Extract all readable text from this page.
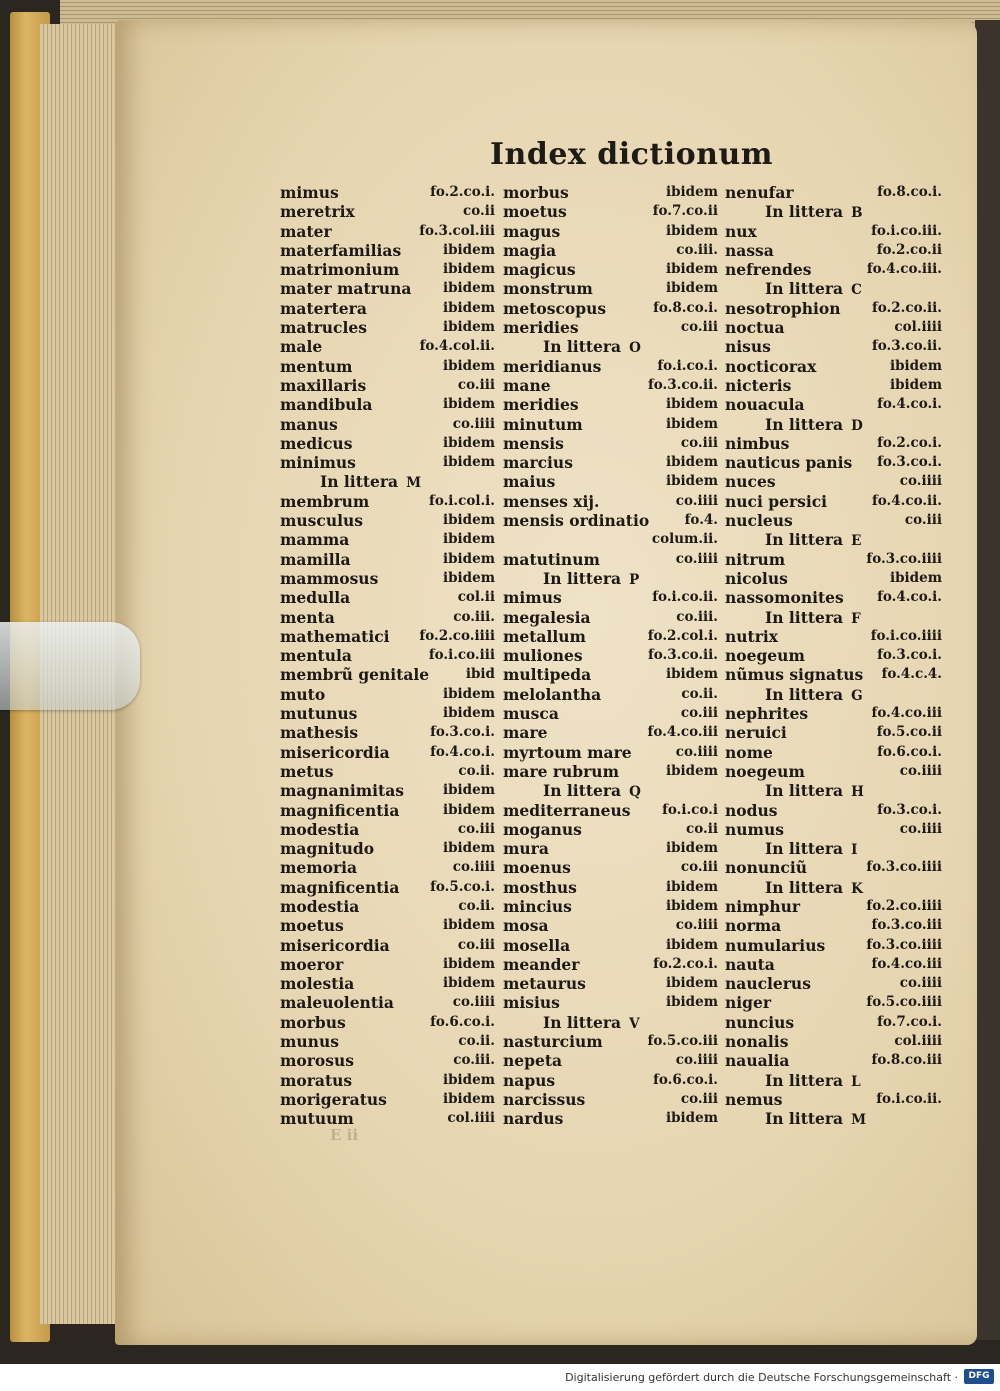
Index dictionum
mimus	fo.2.co.i.
meretrix	co.ii
mater	fo.3.col.iii
materfamilias	ibidem
matrimonium	ibidem
mater matruna ibidem
matertera	ibidem
matrucles	ibidem
male	fo.4.col.ii.
mentum	ibidem
maxillaris	co.iii
mandibula	ibidem
manus	co.iiii
medicus	ibidem
minimus	ibidem
In littera M
membrum	fo.i.col.i.
musculus	ibidem
mamma	ibidem
mamilla	ibidem
mammosus	ibidem
medulla	col.ii
menta	co.iii.
mathematici fo.2.co.iiii
mentula	fo.i.co.iii
membrũ genitale	ibid
muto	ibidem
mutunus	ibidem
mathesis	fo.3.co.i.
misericordia	fo.4.co.i.
metus	co.ii.
magnanimitas	ibidem
magnificentia	ibidem
modestia	co.iii
magnitudo	ibidem
memoria	co.iiii
magnificentia fo.5.co.i.
modestia	co.ii.
moetus	ibidem
misericordia	co.iii
moeror	ibidem
molestia	ibidem
maleuolentia	co.iiii
morbus	fo.6.co.i.
munus	co.ii.
morosus	co.iii.
moratus	ibidem
morigeratus	ibidem
mutuum	col.iiii
morbus	ibidem
moetus	fo.7.co.ii
magus	ibidem
magia	co.iii.
magicus	ibidem
monstrum	ibidem
metoscopus	fo.8.co.i.
meridies	co.iii
In littera O
meridianus	fo.i.co.i.
mane	fo.3.co.ii.
meridies	ibidem
minutum	ibidem
mensis	co.iii
marcius	ibidem
maius	ibidem
menses xij.	co.iiii
mensis ordinatio	fo.4.
colum.ii.
matutinum	co.iiii
In littera P
mimus	fo.i.co.ii.
megalesia	co.iii.
metallum	fo.2.col.i.
muliones	fo.3.co.ii.
multipeda	ibidem
melolantha	co.ii.
musca	co.iii
mare	fo.4.co.iii
myrtoum mare	co.iiii
mare rubrum	ibidem
In littera Q
mediterraneus fo.i.co.i
moganus	co.ii
mura	ibidem
moenus	co.iii
mosthus	ibidem
mincius	ibidem
mosa	co.iiii
mosella	ibidem
meander	fo.2.co.i.
metaurus	ibidem
misius	ibidem
In littera V
nasturcium	fo.5.co.iii
nepeta	co.iiii
napus	fo.6.co.i.
narcissus	co.iii
nardus	ibidem
nenufar	fo.8.co.i.
In littera B
nux	fo.i.co.iii.
nassa	fo.2.co.ii
nefrendes	fo.4.co.iii.
In littera C
nesotrophion fo.2.co.ii.
noctua	col.iiii
nisus	fo.3.co.ii.
nocticorax	ibidem
nicteris	ibidem
nouacula	fo.4.co.i.
In littera D
nimbus	fo.2.co.i.
nauticus panis fo.3.co.i.
nuces	co.iiii
nuci persici	fo.4.co.ii.
nucleus	co.iii
In littera E
nitrum	fo.3.co.iiii
nicolus	ibidem
nassomonites fo.4.co.i.
In littera F
nutrix	fo.i.co.iiii
noegeum	fo.3.co.i.
nũmus signatus fo.4.c.4.
In littera G
nephrites	fo.4.co.iii
neruici	fo.5.co.ii
nome	fo.6.co.i.
noegeum	co.iiii
In littera H
nodus	fo.3.co.i.
numus	co.iiii
In littera I
nonunciũ	fo.3.co.iiii
In littera K
nimphur	fo.2.co.iiii
norma	fo.3.co.iii
numularius	fo.3.co.iiii
nauta	fo.4.co.iii
nauclerus	co.iiii
niger	fo.5.co.iiii
nuncius	fo.7.co.i.
nonalis	col.iiii
naualia	fo.8.co.iii
In littera L
nemus	fo.i.co.ii.
In littera M
E ii
Digitalisierung gefördert durch die Deutsche Forschungsgemeinschaft ·	DFG
